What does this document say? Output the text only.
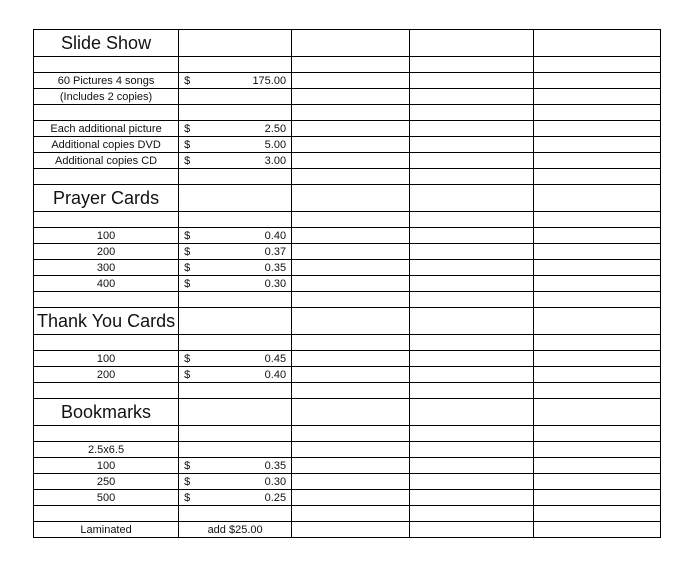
Slide Show				

60 Pictures 4 songs	$ 175.00			

(Includes 2 copies)				

Each additional picture	$ 2.50			

Additional copies DVD	$ 5.00			

Additional copies CD	$ 3.00			

Prayer Cards				

100	$ 0.40			

200	$ 0.37			

300	$ 0.35			

400	$ 0.30			

Thank You Cards				

100	$ 0.45			

200	$ 0.40			

Bookmarks				

2.5x6.5				
100	$ 0.35			

250	$ 0.30			

500	$ 0.25			

Laminated	add $25.00			
